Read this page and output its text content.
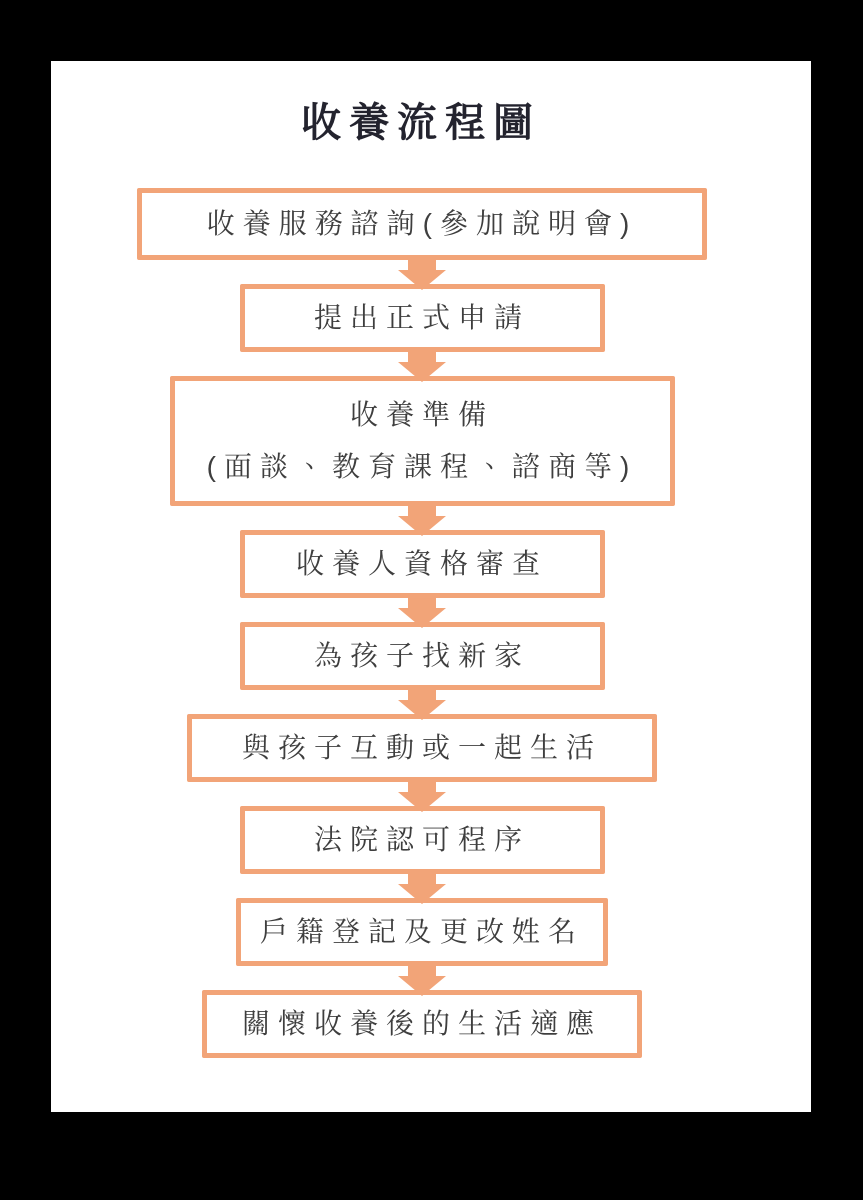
收養流程圖
收養服務諮詢(參加說明會)
提出正式申請
收養準備
(面談、教育課程、諮商等)
收養人資格審查
為孩子找新家
與孩子互動或一起生活
法院認可程序
戶籍登記及更改姓名
關懷收養後的生活適應
